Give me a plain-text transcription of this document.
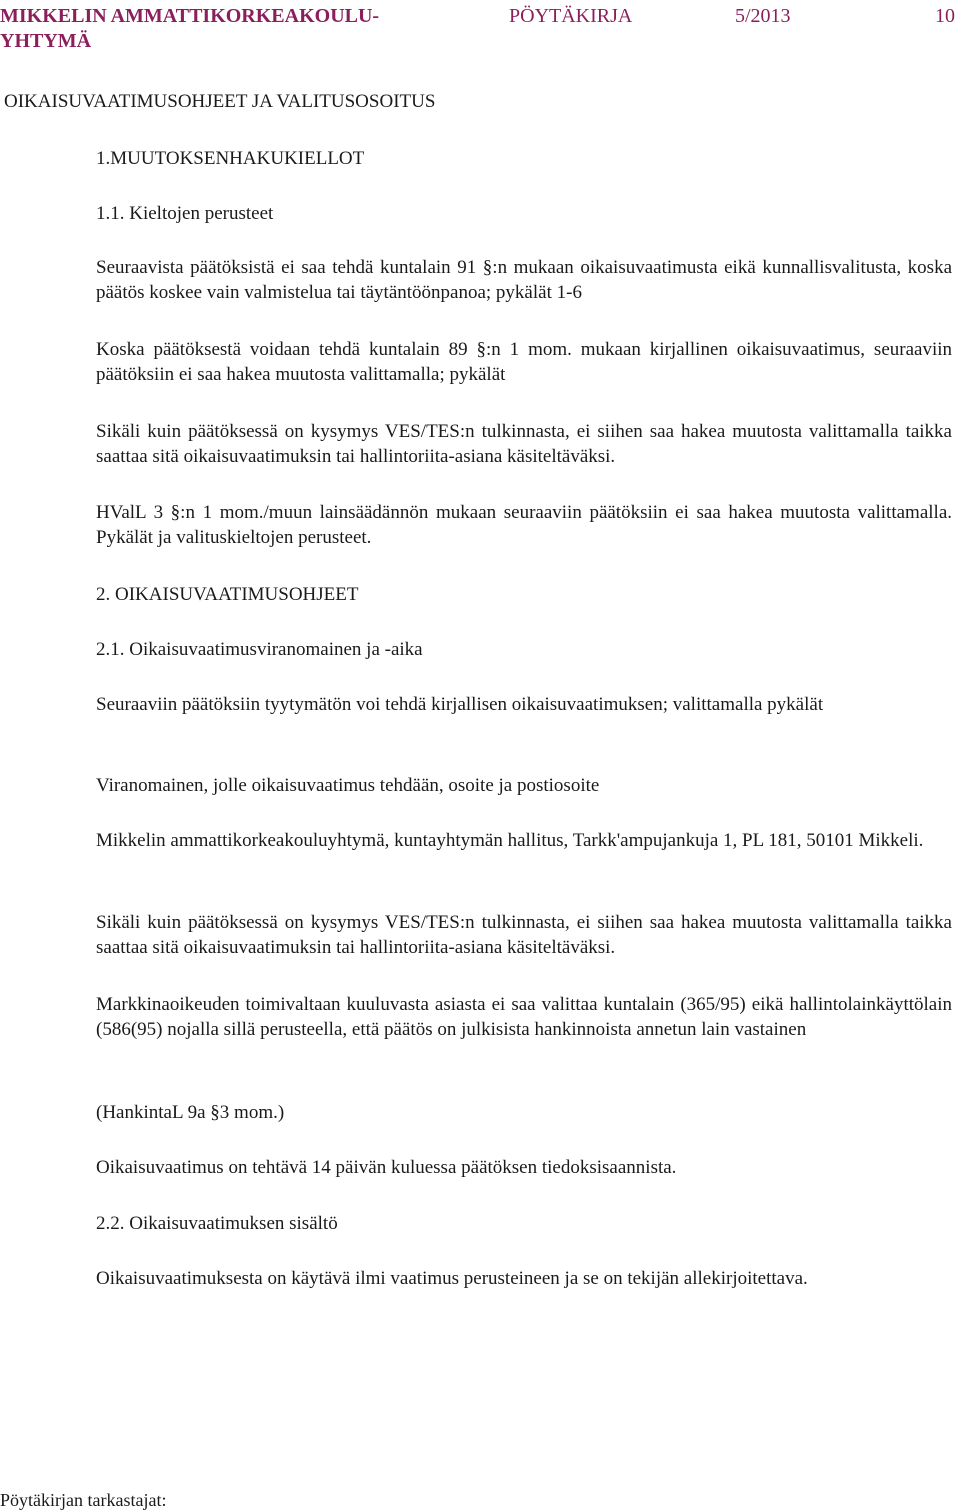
MIKKELIN AMMATTIKORKEAKOULU- YHTYMÄ
PÖYTÄKIRJA	5/2013	10
OIKAISUVAATIMUSOHJEET JA VALITUSOSOITUS
1.MUUTOKSENHAKUKIELLOT
1.1. Kieltojen perusteet

Seuraavista päätöksistä ei saa tehdä kuntalain 91 §:n mukaan oikaisuvaatimusta eikä kunnallisvalitusta, koska päätös koskee vain valmistelua tai täytäntöönpanoa; pykälät 1-6

Koska päätöksestä voidaan tehdä kuntalain 89 §:n 1 mom. mukaan kirjallinen oikaisuvaatimus, seuraaviin päätöksiin ei saa hakea muutosta valittamalla; pykälät

Sikäli kuin päätöksessä on kysymys VES/TES:n tulkinnasta, ei siihen saa hakea muutosta valittamalla taikka saattaa sitä oikaisuvaatimuksin tai hallintoriita-asiana käsiteltäväksi.

HValL 3 §:n 1 mom./muun lainsäädännön mukaan seuraaviin päätöksiin ei saa hakea muutosta valittamalla. Pykälät ja valituskieltojen perusteet.

2. OIKAISUVAATIMUSOHJEET
2.1. Oikaisuvaatimusviranomainen ja -aika

Seuraaviin päätöksiin tyytymätön voi tehdä kirjallisen oikaisuvaatimuksen; valittamalla pykälät

Viranomainen, jolle oikaisuvaatimus tehdään, osoite ja postiosoite

Mikkelin ammattikorkeakouluyhtymä, kuntayhtymän hallitus, Tarkk'ampujankuja 1, PL 181, 50101 Mikkeli.

Sikäli kuin päätöksessä on kysymys VES/TES:n tulkinnasta, ei siihen saa hakea muutosta valittamalla taikka saattaa sitä oikaisuvaatimuksin tai hallintoriita-asiana käsiteltäväksi.

Markkinaoikeuden toimivaltaan kuuluvasta asiasta ei saa valittaa kuntalain (365/95) eikä hallintolainkäyttölain (586(95) nojalla sillä perusteella, että päätös on julkisista hankinnoista annetun lain vastainen

(HankintaL 9a §3 mom.)

Oikaisuvaatimus on tehtävä 14 päivän kuluessa päätöksen tiedoksisaannista.

2.2. Oikaisuvaatimuksen sisältö

Oikaisuvaatimuksesta on käytävä ilmi vaatimus perusteineen ja se on tekijän allekirjoitettava.

Pöytäkirjan tarkastajat:
